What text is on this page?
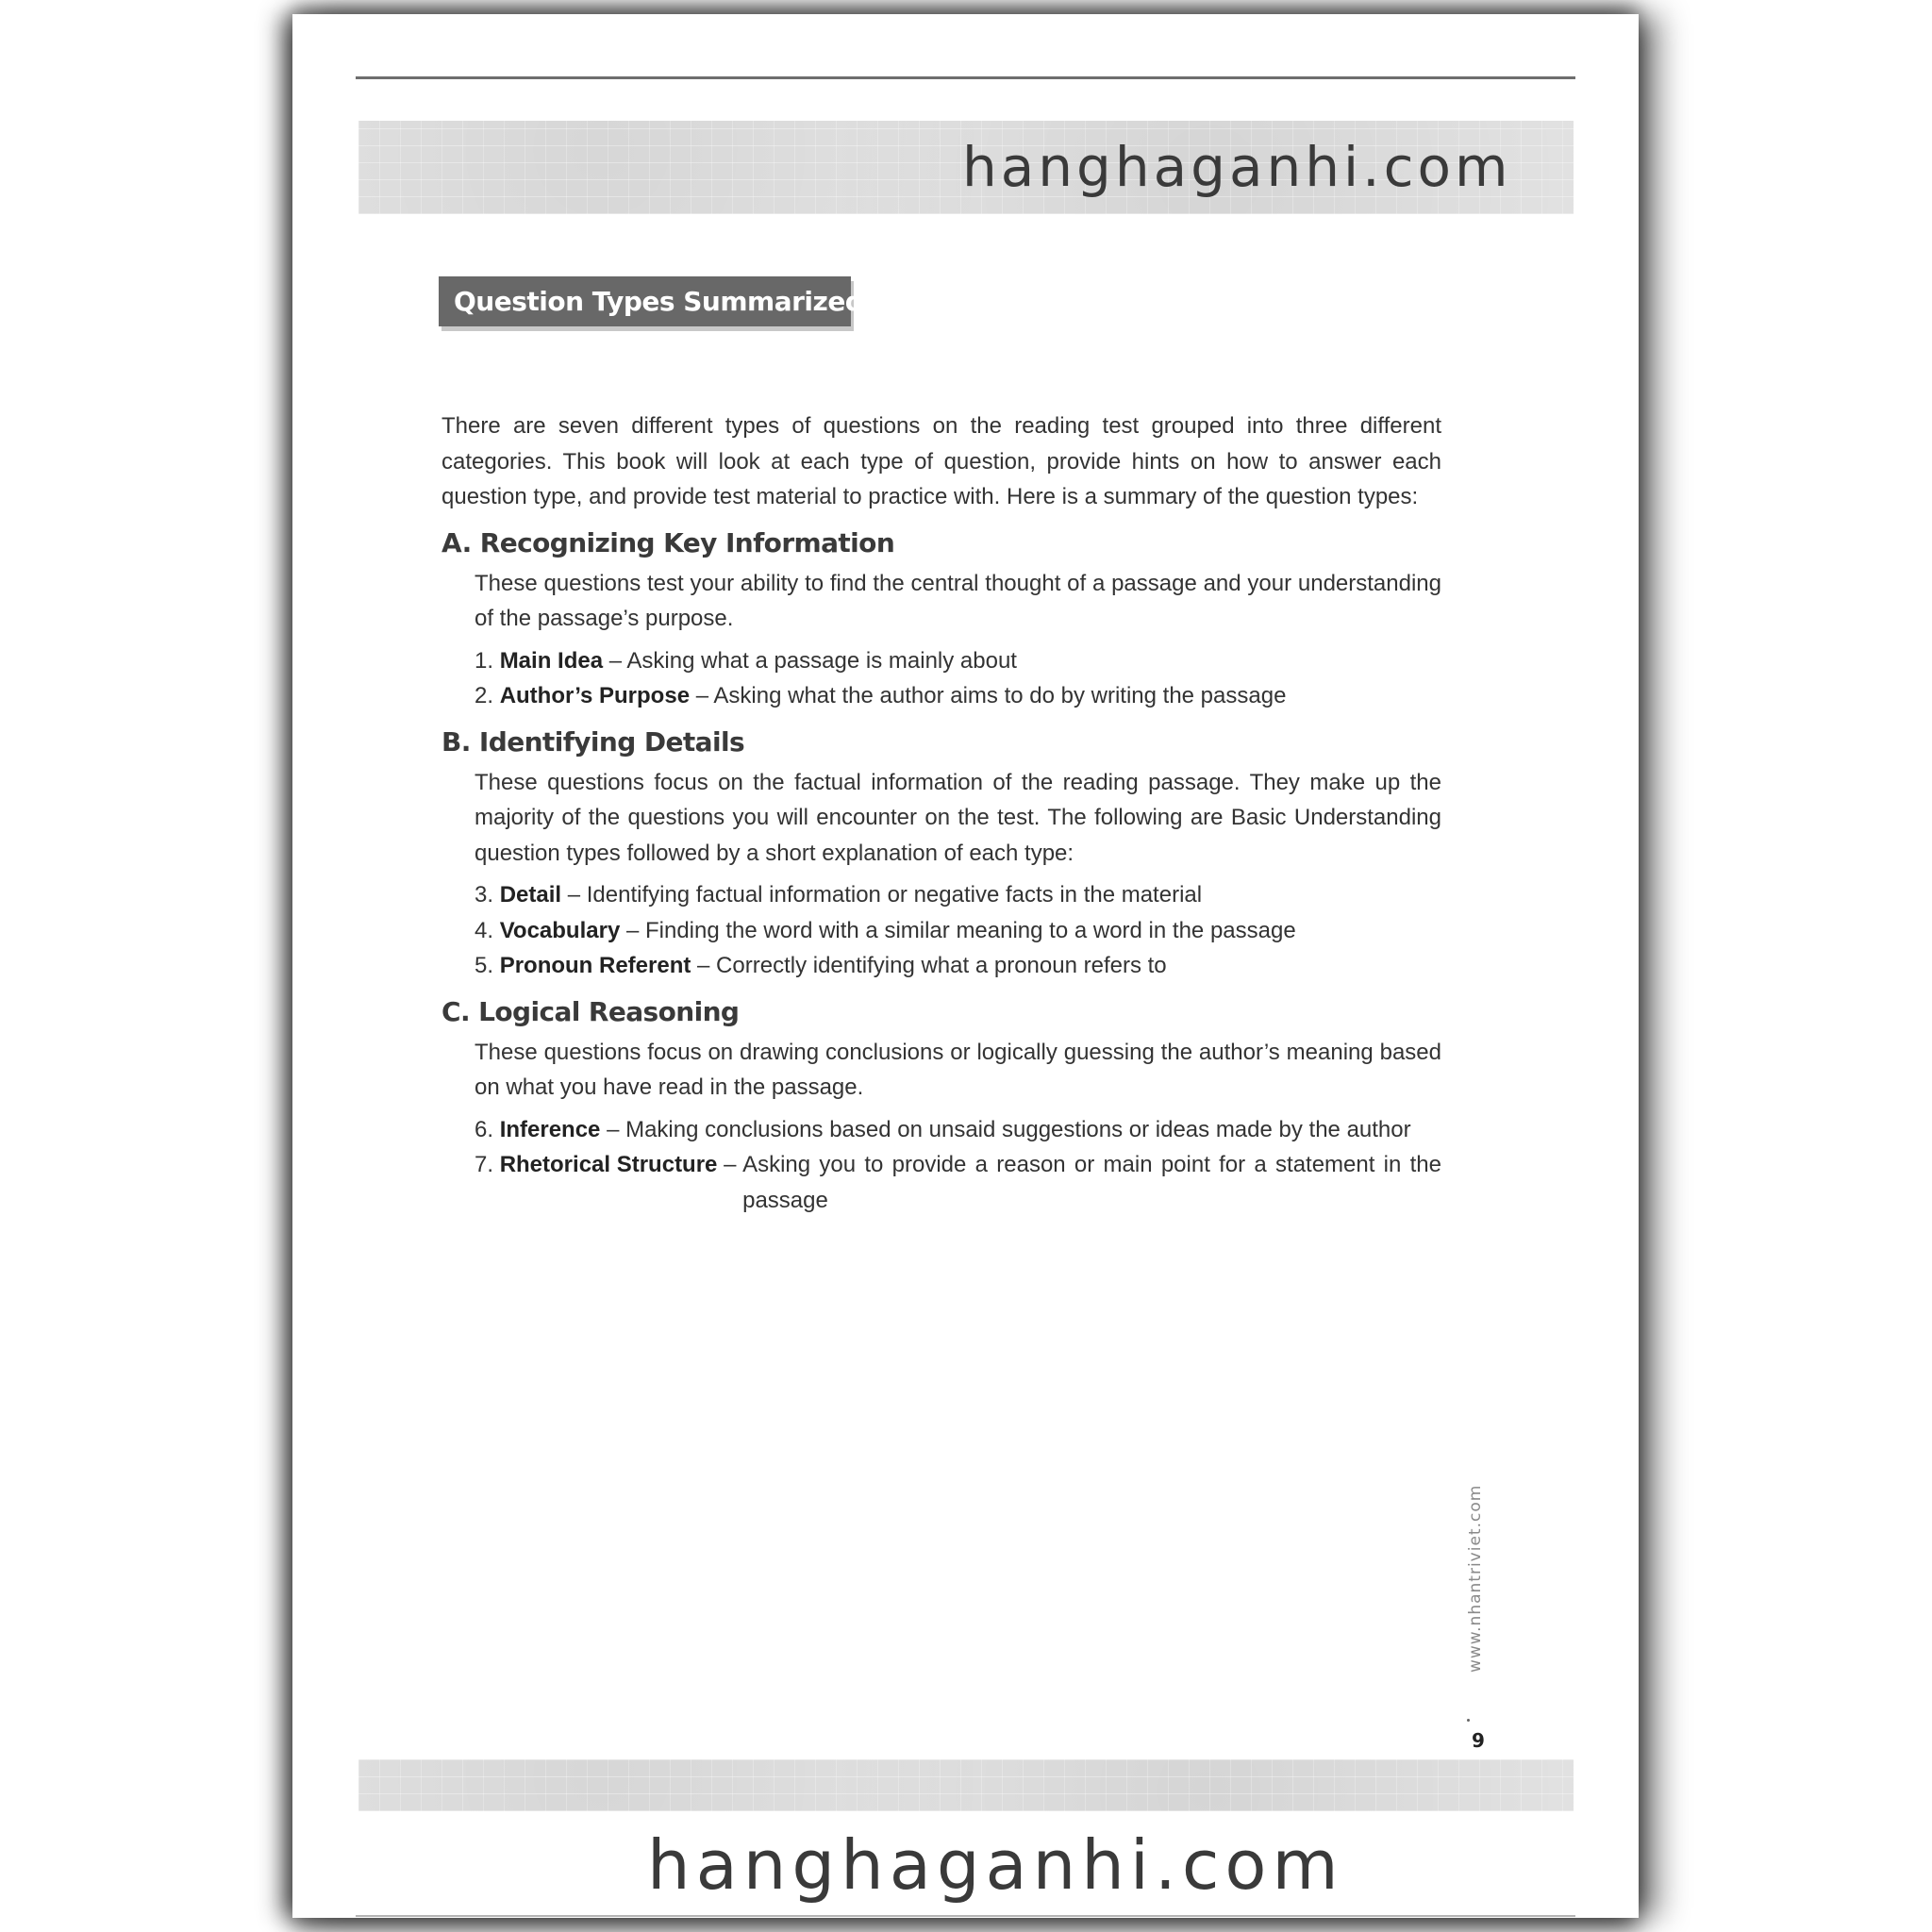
hanghaganhi.com
Question Types Summarized

There are seven different types of questions on the reading test grouped into three different categories. This book will look at each type of question, provide hints on how to answer each question type, and provide test material to practice with. Here is a summary of the question types:

A. Recognizing Key Information

These questions test your ability to find the central thought of a passage and your understanding of the passage’s purpose.

1. Main Idea – Asking what a passage is mainly about
2. Author’s Purpose – Asking what the author aims to do by writing the passage
B. Identifying Details

These questions focus on the factual information of the reading passage. They make up the majority of the questions you will encounter on the test. The following are Basic Understanding question types followed by a short explanation of each type:

3. Detail – Identifying factual information or negative facts in the material
4. Vocabulary – Finding the word with a similar meaning to a word in the passage
5. Pronoun Referent – Correctly identifying what a pronoun refers to
C. Logical Reasoning

These questions focus on drawing conclusions or logically guessing the author’s meaning based on what you have read in the passage.

6. Inference – Making conclusions based on unsaid suggestions or ideas made by the author
7. Rhetorical Structure – Asking you to provide a reason or main point for a statement in the passage
www.nhantriviet.com
9
hanghaganhi.com
